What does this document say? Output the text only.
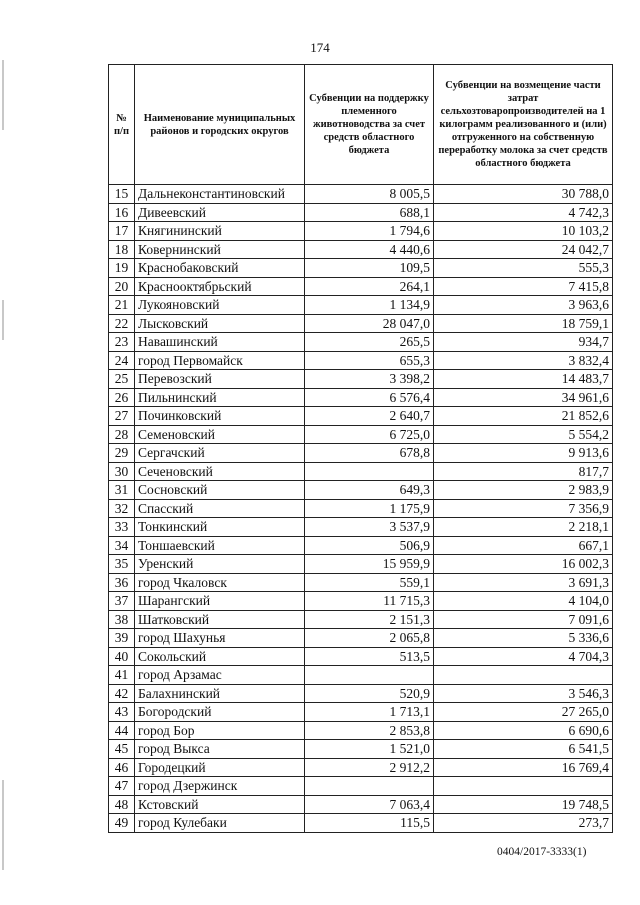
174
№ п/п	Наименование муниципальных районов и городских округов	Субвенции на поддержку племенного животноводства за счет средств областного бюджета	Субвенции на возмещение части затрат сельхозтоваропроизводителей на 1 килограмм реализованного и (или) отгруженного на собственную переработку молока за счет средств областного бюджета
15	Дальнеконстантиновский	8 005,5	30 788,0
16	Дивеевский	688,1	4 742,3
17	Княгининский	1 794,6	10 103,2
18	Ковернинский	4 440,6	24 042,7
19	Краснобаковский	109,5	555,3
20	Краснооктябрьский	264,1	7 415,8
21	Лукояновский	1 134,9	3 963,6
22	Лысковский	28 047,0	18 759,1
23	Навашинский	265,5	934,7
24	город Первомайск	655,3	3 832,4
25	Перевозский	3 398,2	14 483,7
26	Пильнинский	6 576,4	34 961,6
27	Починковский	2 640,7	21 852,6
28	Семеновский	6 725,0	5 554,2
29	Сергачский	678,8	9 913,6
30	Сеченовский		817,7
31	Сосновский	649,3	2 983,9
32	Спасский	1 175,9	7 356,9
33	Тонкинский	3 537,9	2 218,1
34	Тоншаевский	506,9	667,1
35	Уренский	15 959,9	16 002,3
36	город Чкаловск	559,1	3 691,3
37	Шарангский	11 715,3	4 104,0
38	Шатковский	2 151,3	7 091,6
39	город Шахунья	2 065,8	5 336,6
40	Сокольский	513,5	4 704,3
41	город Арзамас		
42	Балахнинский	520,9	3 546,3
43	Богородский	1 713,1	27 265,0
44	город Бор	2 853,8	6 690,6
45	город Выкса	1 521,0	6 541,5
46	Городецкий	2 912,2	16 769,4
47	город Дзержинск		
48	Кстовский	7 063,4	19 748,5
49	город Кулебаки	115,5	273,7
0404/2017-3333(1)
